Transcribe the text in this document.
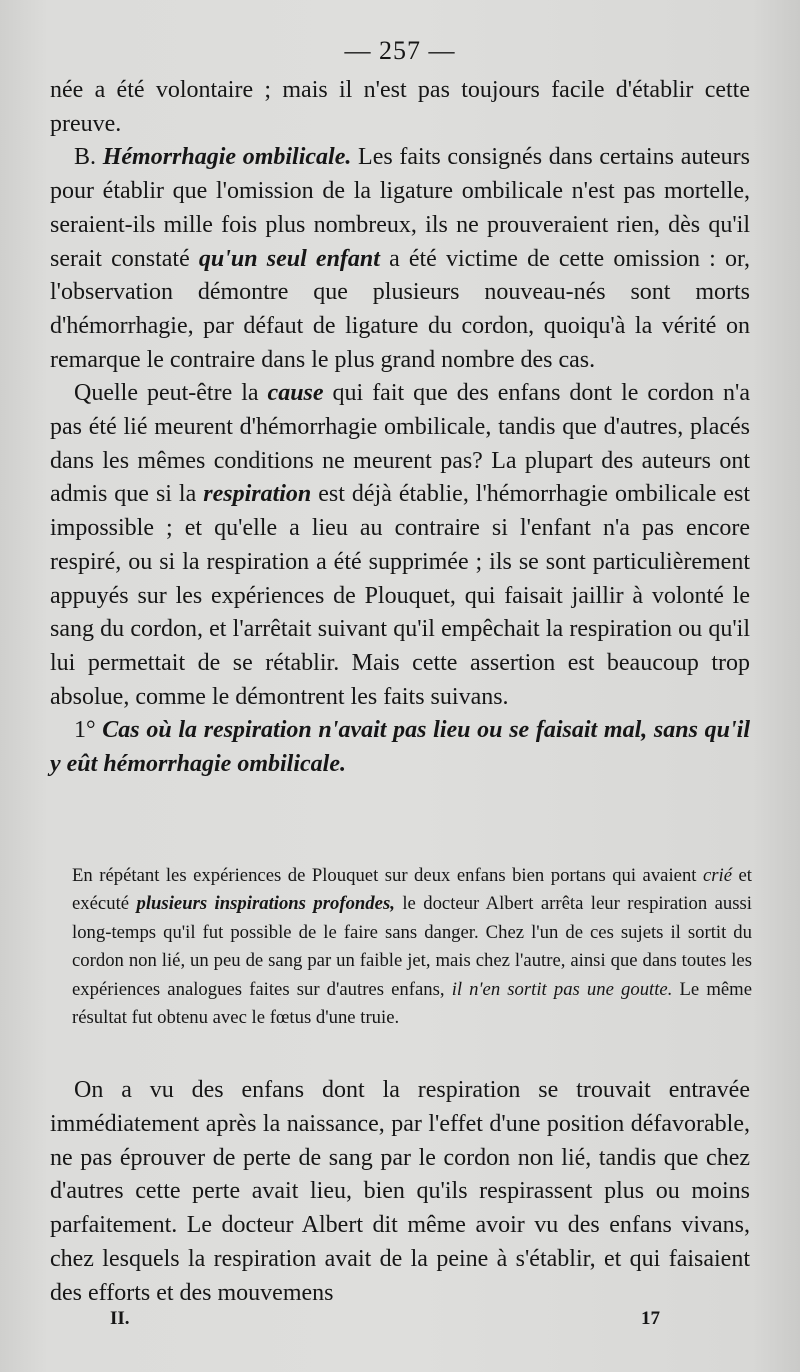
— 257 —

née a été volontaire ; mais il n'est pas toujours facile d'établir cette preuve.

B. Hémorrhagie ombilicale. Les faits consignés dans certains auteurs pour établir que l'omission de la ligature ombilicale n'est pas mortelle, seraient-ils mille fois plus nombreux, ils ne prouveraient rien, dès qu'il serait constaté qu'un seul enfant a été victime de cette omission : or, l'observation démontre que plusieurs nouveau-nés sont morts d'hémorrhagie, par défaut de ligature du cordon, quoiqu'à la vérité on remarque le contraire dans le plus grand nombre des cas.

Quelle peut-être la cause qui fait que des enfans dont le cordon n'a pas été lié meurent d'hémorrhagie ombilicale, tandis que d'autres, placés dans les mêmes conditions ne meurent pas? La plupart des auteurs ont admis que si la respiration est déjà établie, l'hémorrhagie ombilicale est impossible ; et qu'elle a lieu au contraire si l'enfant n'a pas encore respiré, ou si la respiration a été supprimée ; ils se sont particulièrement appuyés sur les expériences de Plouquet, qui faisait jaillir à volonté le sang du cordon, et l'arrêtait suivant qu'il empêchait la respiration ou qu'il lui permettait de se rétablir. Mais cette assertion est beaucoup trop absolue, comme le démontrent les faits suivans.

1° Cas où la respiration n'avait pas lieu ou se faisait mal, sans qu'il y eût hémorrhagie ombilicale.

En répétant les expériences de Plouquet sur deux enfans bien portans qui avaient crié et exécuté plusieurs inspirations profondes, le docteur Albert arrêta leur respiration aussi long-temps qu'il fut possible de le faire sans danger. Chez l'un de ces sujets il sortit du cordon non lié, un peu de sang par un faible jet, mais chez l'autre, ainsi que dans toutes les expériences analogues faites sur d'autres enfans, il n'en sortit pas une goutte. Le même résultat fut obtenu avec le fœtus d'une truie.

On a vu des enfans dont la respiration se trouvait entravée immédiatement après la naissance, par l'effet d'une position défavorable, ne pas éprouver de perte de sang par le cordon non lié, tandis que chez d'autres cette perte avait lieu, bien qu'ils respirassent plus ou moins parfaitement. Le docteur Albert dit même avoir vu des enfans vivans, chez lesquels la respiration avait de la peine à s'établir, et qui faisaient des efforts et des mouvemens

II.	17
